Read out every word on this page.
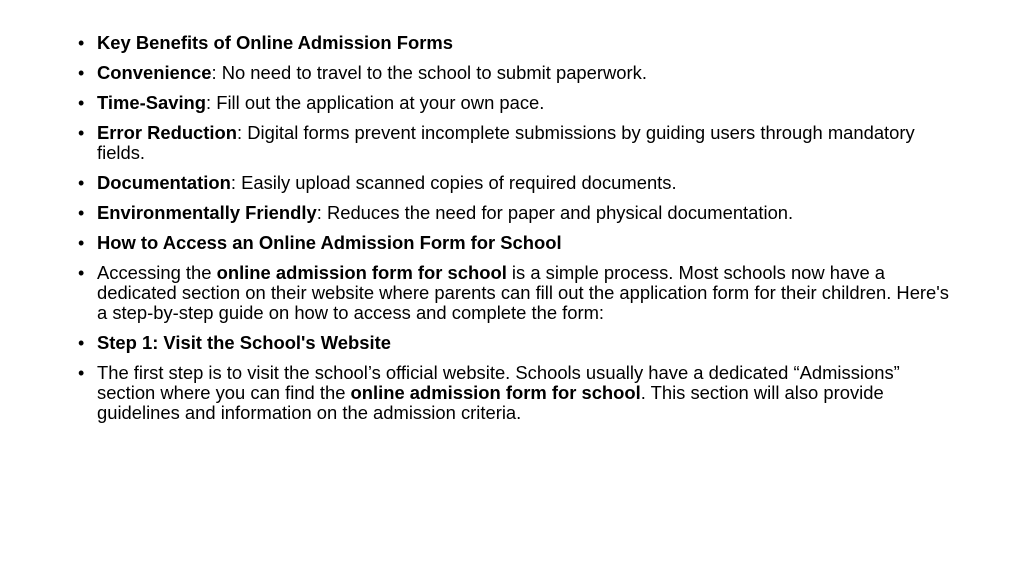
• Key Benefits of Online Admission Forms
• Convenience: No need to travel to the school to submit paperwork.
• Time-Saving: Fill out the application at your own pace.
• Error Reduction: Digital forms prevent incomplete submissions by guiding users through mandatory fields.
• Documentation: Easily upload scanned copies of required documents.
• Environmentally Friendly: Reduces the need for paper and physical documentation.
• How to Access an Online Admission Form for School
• Accessing the online admission form for school is a simple process. Most schools now have a dedicated section on their website where parents can fill out the application form for their children. Here's a step-by-step guide on how to access and complete the form:
• Step 1: Visit the School's Website
• The first step is to visit the school’s official website. Schools usually have a dedicated “Admissions” section where you can find the online admission form for school. This section will also provide guidelines and information on the admission criteria.
